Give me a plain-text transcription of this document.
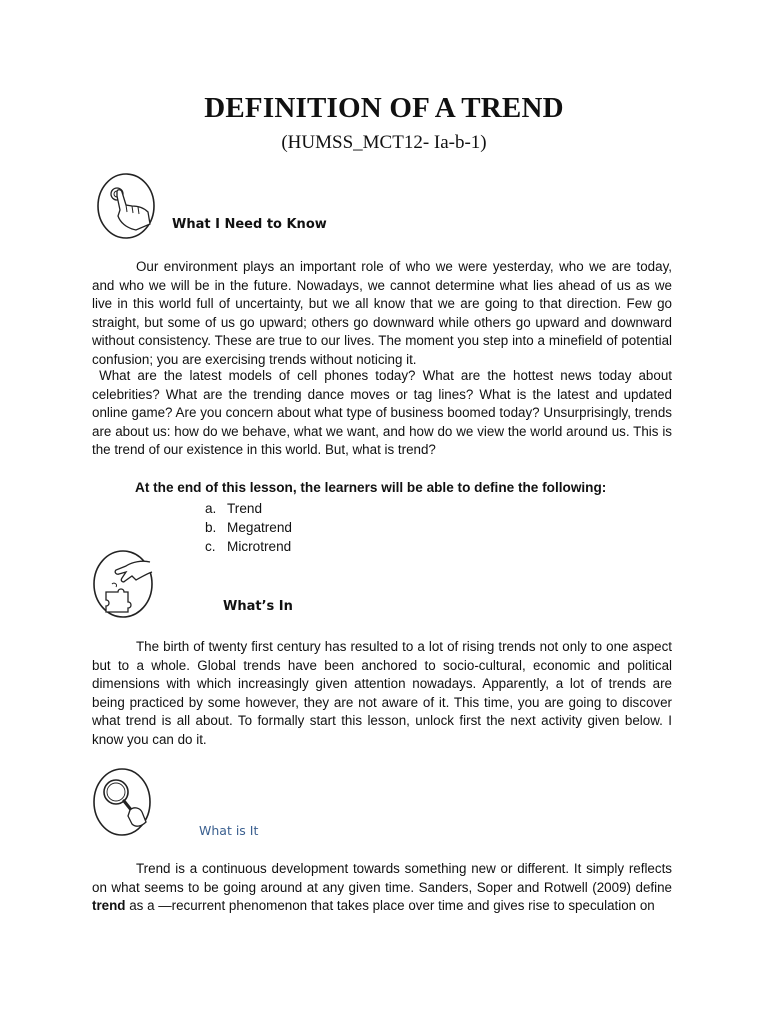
DEFINITION OF A TREND
(HUMSS_MCT12- Ia-b-1)
What I Need to Know

Our environment plays an important role of who we were yesterday, who we are today, and who we will be in the future. Nowadays, we cannot determine what lies ahead of us as we live in this world full of uncertainty, but we all know that we are going to that direction. Few go straight, but some of us go upward; others go downward while others go upward and downward without consistency. These are true to our lives. The moment you step into a minefield of potential confusion; you are exercising trends without noticing it.

What are the latest models of cell phones today? What are the hottest news today about celebrities? What are the trending dance moves or tag lines? What is the latest and updated online game? Are you concern about what type of business boomed today? Unsurprisingly, trends are about us: how do we behave, what we want, and how do we view the world around us. This is the trend of our existence in this world. But, what is trend?

At the end of this lesson, the learners will be able to define the following:
a. Trend
b. Megatrend
c. Microtrend
What’s In

The birth of twenty first century has resulted to a lot of rising trends not only to one aspect but to a whole. Global trends have been anchored to socio-cultural, economic and political dimensions with which increasingly given attention nowadays. Apparently, a lot of trends are being practiced by some however, they are not aware of it. This time, you are going to discover what trend is all about. To formally start this lesson, unlock first the next activity given below. I know you can do it.

What is It

Trend is a continuous development towards something new or different. It simply reflects on what seems to be going around at any given time. Sanders, Soper and Rotwell (2009) define trend as a —recurrent phenomenon that takes place over time and gives rise to speculation on
